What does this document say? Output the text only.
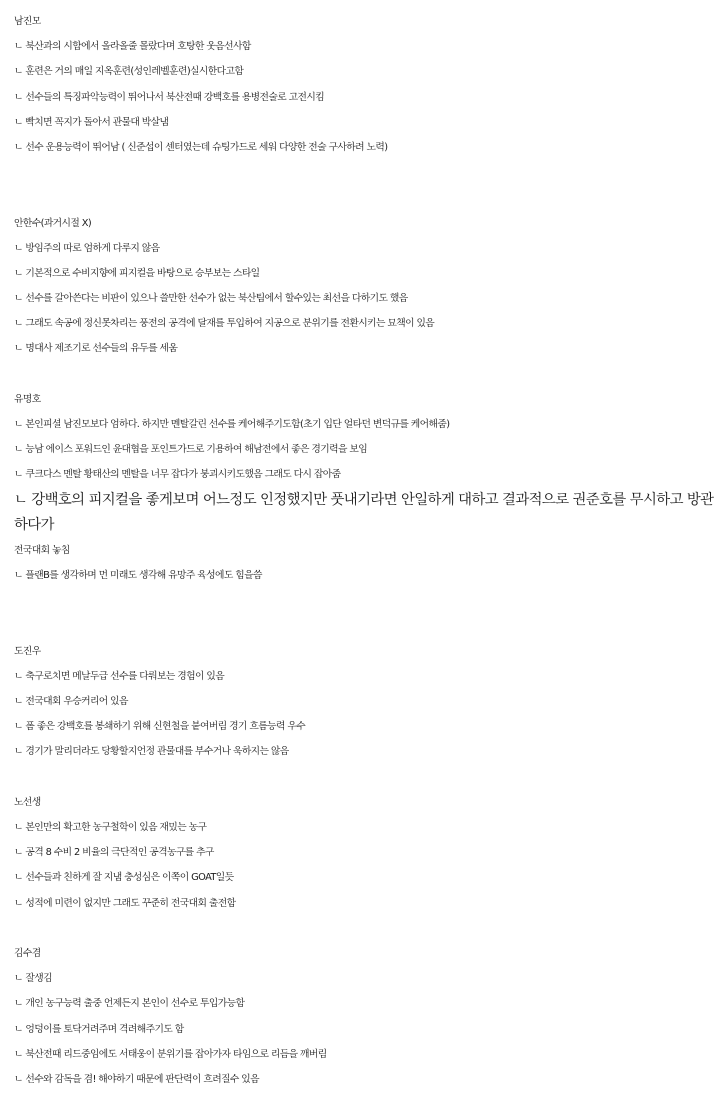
남진모
ㄴ 북산과의 시합에서 올라올줄 몰랐다며 호탕한 웃음선사함
ㄴ 훈련은 거의 매일 지옥훈련(성인레벨훈련)실시한다고함
ㄴ 선수들의 특징파악능력이 뛰어나서 북산전때 강백호를 용병전술로 고전시킴
ㄴ 빡치면 꼭지가 돌아서 관물대 박살냄
ㄴ 선수 운용능력이 뛰어남 ( 신준섭이 센터였는데 슈팅가드로 세워 다양한 전술 구사하려 노력)
안한수(과거시절 X)
ㄴ 방임주의 따로 엄하게 다루지 않음
ㄴ 기본적으로 수비지향에 피지컬을 바탕으로 승부보는 스타일
ㄴ 선수를 갈아쓴다는 비판이 있으나 쓸만한 선수가 없는 북산팀에서 할수있는 최선을 다하기도 했음
ㄴ 그래도 속공에 정신못차리는 풍전의 공격에 달재를 투입하여 지공으로 분위기를 전환시키는 묘책이 있음
ㄴ 명대사 제조기로 선수들의 유두를 세움
유명호
ㄴ 본인피셜 남진모보다 엄하다. 하지만 멘탈갈린 선수를 케어해주기도함(초기 입단 얼타던 변덕규를 케어해줌)
ㄴ 능남 에이스 포워드인 윤대협을 포인트가드로 기용하여 해남전에서 좋은 경기력을 보임
ㄴ 쿠크다스 멘탈 황태산의 멘탈을 너무 잡다가 붕괴시키도했음 그래도 다시 잡아줌
ㄴ 강백호의 피지컬을 좋게보며 어느정도 인정했지만 풋내기라면 안일하게 대하고 결과적으로 권준호를 무시하고 방관하다가
전국대회 놓침
ㄴ 플랜B를 생각하며 먼 미래도 생각해 유망주 육성에도 힘을씀
도진우
ㄴ 축구로치면 메날두급 선수를 다뤄보는 경험이 있음
ㄴ 전국대회 우승커리어 있음
ㄴ 폼 좋은 강백호를 봉쇄하기 위해 신현철을 붙여버림 경기 흐름능력 우수
ㄴ 경기가 말리더라도 당황할지언정 관물대를 부수거나 욱하지는 않음
노선생
ㄴ 본인만의 확고한 농구철학이 있음 재밌는 농구
ㄴ 공격 8 수비 2 비율의 극단적인 공격농구를 추구
ㄴ 선수들과 친하게 잘 지냄 충성심은 이쪽이 GOAT일듯
ㄴ 성적에 미련이 없지만 그래도 꾸준히 전국대회 출전함
김수겸
ㄴ 잘생김
ㄴ 개인 농구능력 출중 언제든지 본인이 선수로 투입가능함
ㄴ 엉덩이를 토닥거려주며 격려해주기도 함
ㄴ 북산전때 리드중임에도 서태웅이 분위기를 잡아가자 타임으로 리듬을 깨버림
ㄴ 선수와 감독을 겸! 해야하기 때문에 판단력이 흐려질수 있음
